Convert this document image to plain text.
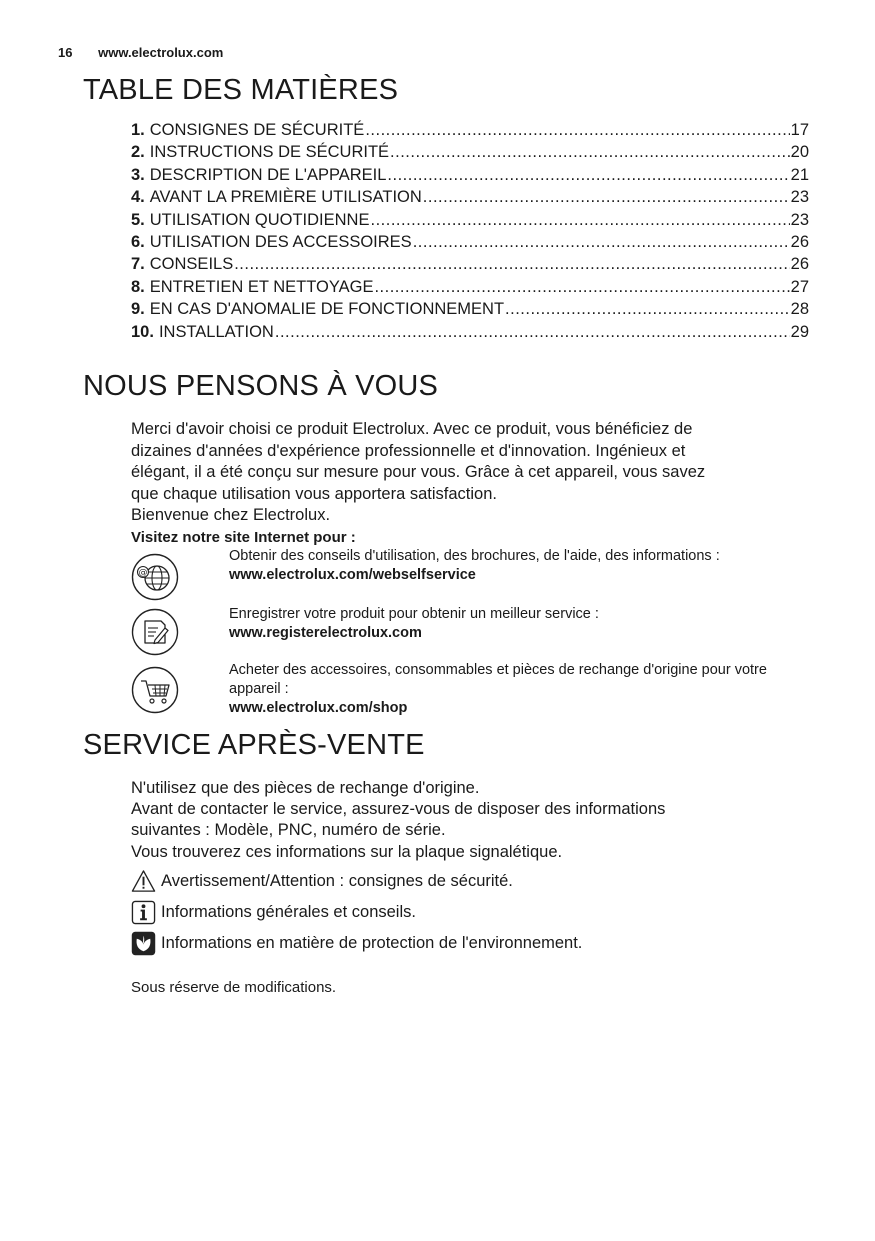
16 www.electrolux.com
TABLE DES MATIÈRES
1. CONSIGNES DE SÉCURITÉ .....	17
2. INSTRUCTIONS DE SÉCURITÉ .....	20
3. DESCRIPTION DE L'APPAREIL .....	21
4. AVANT LA PREMIÈRE UTILISATION .....	23
5. UTILISATION QUOTIDIENNE .....	23
6. UTILISATION DES ACCESSOIRES .....	26
7. CONSEILS .....	26
8. ENTRETIEN ET NETTOYAGE .....	27
9. EN CAS D'ANOMALIE DE FONCTIONNEMENT .....	28
10. INSTALLATION .....	29
NOUS PENSONS À VOUS

Merci d'avoir choisi ce produit Electrolux. Avec ce produit, vous bénéficiez de

dizaines d'années d'expérience professionnelle et d'innovation. Ingénieux et

élégant, il a été conçu sur mesure pour vous. Grâce à cet appareil, vous savez

que chaque utilisation vous apportera satisfaction.

Bienvenue chez Electrolux.

Visitez notre site Internet pour :

@
Obtenir des conseils d'utilisation, des brochures, de l'aide, des informations :
www.electrolux.com/webselfservice
Enregistrer votre produit pour obtenir un meilleur service :
www.registerelectrolux.com
Acheter des accessoires, consommables et pièces de rechange d'origine pour votre appareil :
www.electrolux.com/shop
SERVICE APRÈS-VENTE

N'utilisez que des pièces de rechange d'origine.

Avant de contacter le service, assurez-vous de disposer des informations

suivantes : Modèle, PNC, numéro de série.

Vous trouverez ces informations sur la plaque signalétique.

Avertissement/Attention : consignes de sécurité.
Informations générales et conseils.
Informations en matière de protection de l'environnement.
Sous réserve de modifications.
